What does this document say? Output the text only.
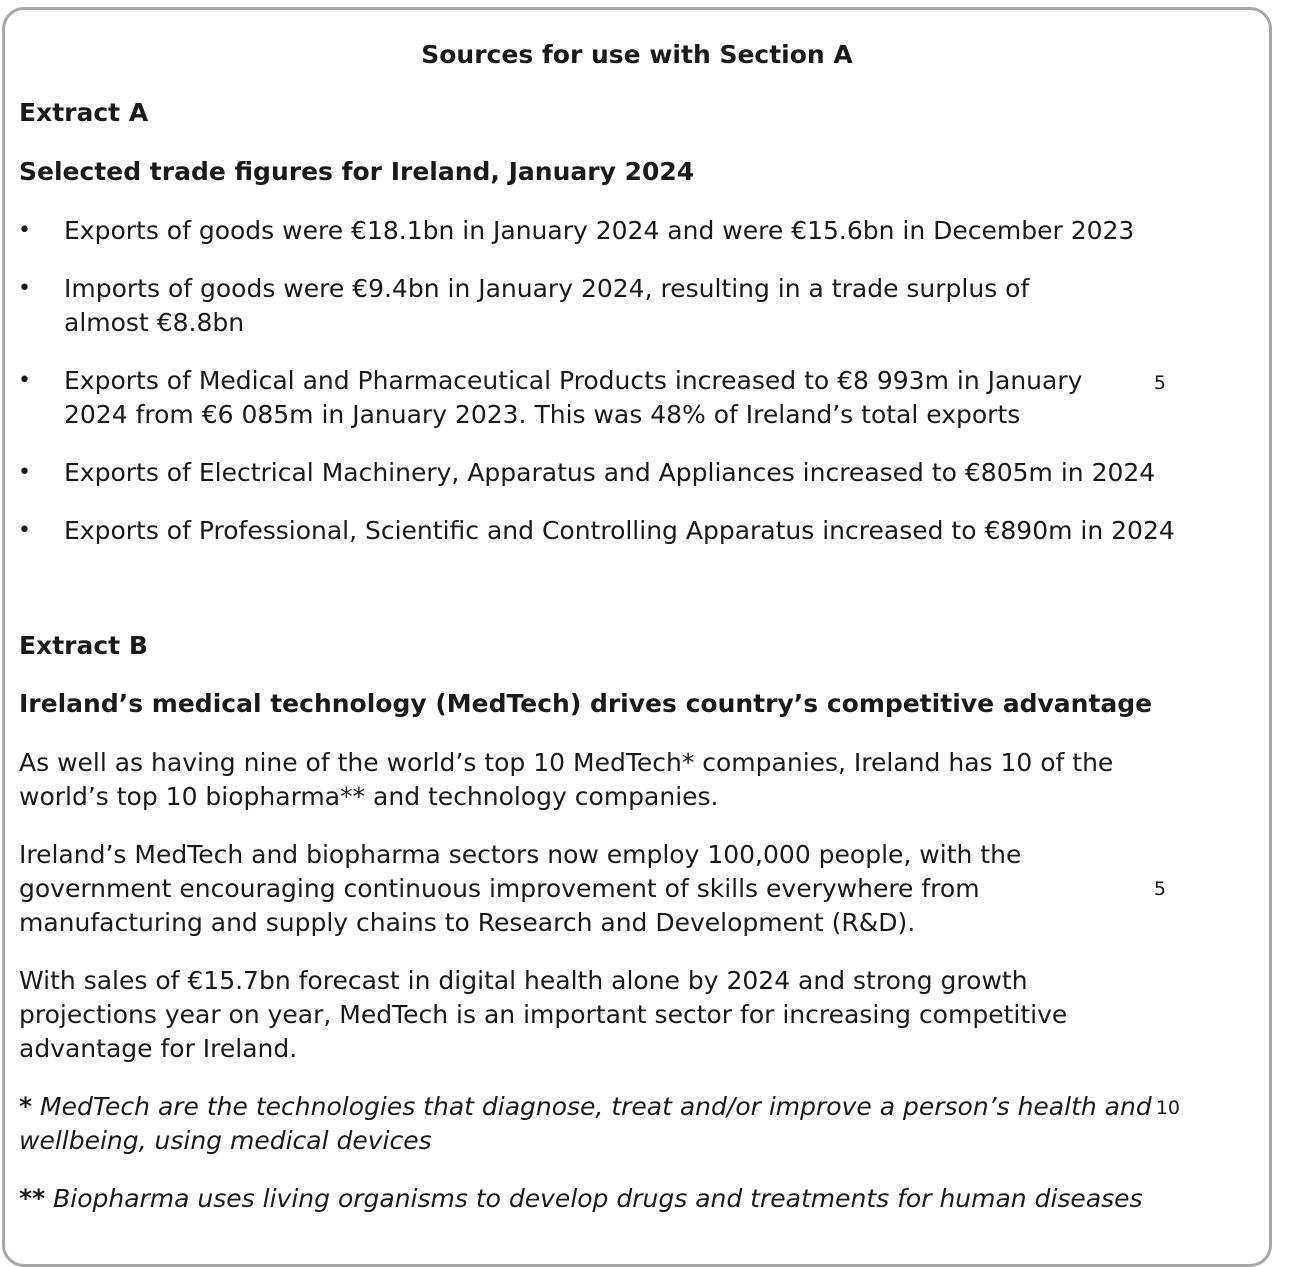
Sources for use with Section A
Extract A
Selected trade figures for Ireland, January 2024
• Exports of goods were €18.1bn in January 2024 and were €15.6bn in December 2023

• Imports of goods were €9.4bn in January 2024, resulting in a trade surplus of

almost €8.8bn

• Exports of Medical and Pharmaceutical Products increased to €8 993m in January

2024 from €6 085m in January 2023. This was 48% of Ireland’s total exports

• Exports of Electrical Machinery, Apparatus and Appliances increased to €805m in 2024

• Exports of Professional, Scientific and Controlling Apparatus increased to €890m in 2024

5
Extract B
Ireland’s medical technology (MedTech) drives country’s competitive advantage

As well as having nine of the world’s top 10 MedTech* companies, Ireland has 10 of the

world’s top 10 biopharma** and technology companies.

Ireland’s MedTech and biopharma sectors now employ 100,000 people, with the

government encouraging continuous improvement of skills everywhere from

manufacturing and supply chains to Research and Development (R&D).

With sales of €15.7bn forecast in digital health alone by 2024 and strong growth

projections year on year, MedTech is an important sector for increasing competitive

advantage for Ireland.

* MedTech are the technologies that diagnose, treat and/or improve a person’s health and

wellbeing, using medical devices

** Biopharma uses living organisms to develop drugs and treatments for human diseases

5
10
